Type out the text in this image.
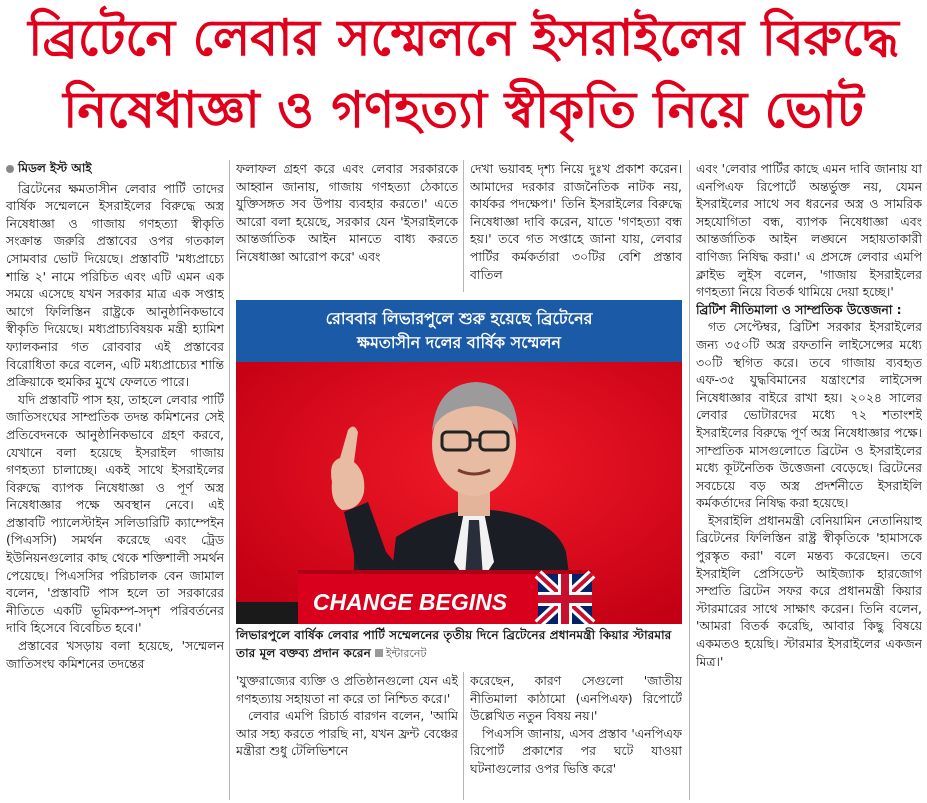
ব্রিটেনে লেবার সম্মেলনে ইসরাইলের বিরুদ্ধে
নিষেধাজ্ঞা ও গণহত্যা স্বীকৃতি নিয়ে ভোট
মিডল ইস্ট আই

ব্রিটেনের ক্ষমতাসীন লেবার পার্টি তাদের বার্ষিক সম্মেলনে ইসরাইলের বিরুদ্ধে অস্ত্র নিষেধাজ্ঞা ও গাজায় গণহত্যা স্বীকৃতি সংক্রান্ত জরুরি প্রস্তাবের ওপর গতকাল সোমবার ভোট দিয়েছে। প্রস্তাবটি 'মধ্যপ্রাচ্যে শান্তি ২' নামে পরিচিত এবং এটি এমন এক সময়ে এসেছে যখন সরকার মাত্র এক সপ্তাহ আগে ফিলিস্তিন রাষ্ট্রকে আনুষ্ঠানিকভাবে স্বীকৃতি দিয়েছে। মধ্যপ্রাচ্যবিষয়ক মন্ত্রী হ্যামিশ ফ্যালকনার গত রোববার এই প্রস্তাবের বিরোধিতা করে বলেন, এটি মধ্যপ্রাচ্যের শান্তি প্রক্রিয়াকে হুমকির মুখে ফেলতে পারে।

যদি প্রস্তাবটি পাস হয়, তাহলে লেবার পার্টি জাতিসংঘের সাম্প্রতিক তদন্ত কমিশনের সেই প্রতিবেদনকে আনুষ্ঠানিকভাবে গ্রহণ করবে, যেখানে বলা হয়েছে ইসরাইল গাজায় গণহত্যা চালাচ্ছে। একই সাথে ইসরাইলের বিরুদ্ধে ব্যাপক নিষেধাজ্ঞা ও পূর্ণ অস্ত্র নিষেধাজ্ঞার পক্ষে অবস্থান নেবে। এই প্রস্তাবটি প্যালেস্টাইন সলিডারিটি ক্যাম্পেইন (পিএসসি) সমর্থন করেছে এবং ট্রেড ইউনিয়নগুলোর কাছ থেকে শক্তিশালী সমর্থন পেয়েছে। পিএসসির পরিচালক বেন জামাল বলেন, 'প্রস্তাবটি পাস হলে তা সরকারের নীতিতে একটি ভূমিকম্প-সদৃশ পরিবর্তনের দাবি হিসেবে বিবেচিত হবে।'

প্রস্তাবের খসড়ায় বলা হয়েছে, 'সম্মেলন জাতিসংঘ কমিশনের তদন্তের

ফলাফল গ্রহণ করে এবং লেবার সরকারকে আহ্বান জানায়, গাজায় গণহত্যা ঠেকাতে যুক্তিসঙ্গত সব উপায় ব্যবহার করতে।' এতে আরো বলা হয়েছে, সরকার যেন 'ইসরাইলকে আন্তর্জাতিক আইন মানতে বাধ্য করতে নিষেধাজ্ঞা আরোপ করে' এবং

দেখা ভয়াবহ দৃশ্য নিয়ে দুঃখ প্রকাশ করেন। আমাদের দরকার রাজনৈতিক নাটক নয়, কার্যকর পদক্ষেপ।' তিনি ইসরাইলের বিরুদ্ধে নিষেধাজ্ঞা দাবি করেন, যাতে 'গণহত্যা বন্ধ হয়।' তবে গত সপ্তাহে জানা যায়, লেবার পার্টির কর্মকর্তারা ৩০টির বেশি প্রস্তাব বাতিল

রোববার লিভারপুলে শুরু হয়েছে ব্রিটেনের
ক্ষমতাসীন দলের বার্ষিক সম্মেলন
CHANGE BEGINS
লিভারপুলে বার্ষিক লেবার পার্টি সম্মেলনের তৃতীয় দিনে ব্রিটেনের প্রধানমন্ত্রী কিয়ার স্টারমার তার মূল বক্তব্য প্রদান করেন ইন্টারনেট

'যুক্তরাজ্যের ব্যক্তি ও প্রতিষ্ঠানগুলো যেন এই গণহত্যায় সহায়তা না করে তা নিশ্চিত করে।'

লেবার এমপি রিচার্ড বারগন বলেন, 'আমি আর সহ্য করতে পারছি না, যখন ফ্রন্ট বেঞ্চের মন্ত্রীরা শুধু টেলিভিশনে

করেছেন, কারণ সেগুলো 'জাতীয় নীতিমালা কাঠামো (এনপিএফ) রিপোর্টে উল্লেখিত নতুন বিষয় নয়।'

পিএসসি জানায়, এসব প্রস্তাব 'এনপিএফ রিপোর্ট প্রকাশের পর ঘটে যাওয়া ঘটনাগুলোর ওপর ভিত্তি করে'

এবং 'লেবার পার্টির কাছে এমন দাবি জানায় যা এনপিএফ রিপোর্টে অন্তর্ভুক্ত নয়, যেমন ইসরাইলের সাথে সব ধরনের অস্ত্র ও সামরিক সহযোগিতা বন্ধ, ব্যাপক নিষেধাজ্ঞা এবং আন্তর্জাতিক আইন লঙ্ঘনে সহায়তাকারী বাণিজ্য নিষিদ্ধ করা।' এ প্রসঙ্গে লেবার এমপি ক্লাইভ লুইস বলেন, 'গাজায় ইসরাইলের গণহত্যা নিয়ে বিতর্ক থামিয়ে দেয়া হচ্ছে।'

ব্রিটিশ নীতিমালা ও সাম্প্রতিক উত্তেজনা :

গত সেপ্টেম্বর, ব্রিটিশ সরকার ইসরাইলের জন্য ৩৫০টি অস্ত্র রফতানি লাইসেন্সের মধ্যে ৩০টি স্থগিত করে। তবে গাজায় ব্যবহৃত এফ-৩৫ যুদ্ধবিমানের যন্ত্রাংশের লাইসেন্স নিষেধাজ্ঞার বাইরে রাখা হয়। ২০২৪ সালের লেবার ভোটারদের মধ্যে ৭২ শতাংশই ইসরাইলের বিরুদ্ধে পূর্ণ অস্ত্র নিষেধাজ্ঞার পক্ষে। সাম্প্রতিক মাসগুলোতে ব্রিটেন ও ইসরাইলের মধ্যে কূটনৈতিক উত্তেজনা বেড়েছে। ব্রিটেনের সবচেয়ে বড় অস্ত্র প্রদর্শনীতে ইসরাইলি কর্মকর্তাদের নিষিদ্ধ করা হয়েছে।

ইসরাইলি প্রধানমন্ত্রী বেনিয়ামিন নেতানিয়াহু ব্রিটেনের ফিলিস্তিন রাষ্ট্র স্বীকৃতিকে 'হামাসকে পুরস্কৃত করা' বলে মন্তব্য করেছেন। তবে ইসরাইলি প্রেসিডেন্ট আইজ্যাক হারজোগ সম্প্রতি ব্রিটেন সফর করে প্রধানমন্ত্রী কিয়ার স্টারমারের সাথে সাক্ষাৎ করেন। তিনি বলেন, 'আমরা বিতর্ক করেছি, আবার কিছু বিষয়ে একমতও হয়েছি। স্টারমার ইসরাইলের একজন মিত্র।'
